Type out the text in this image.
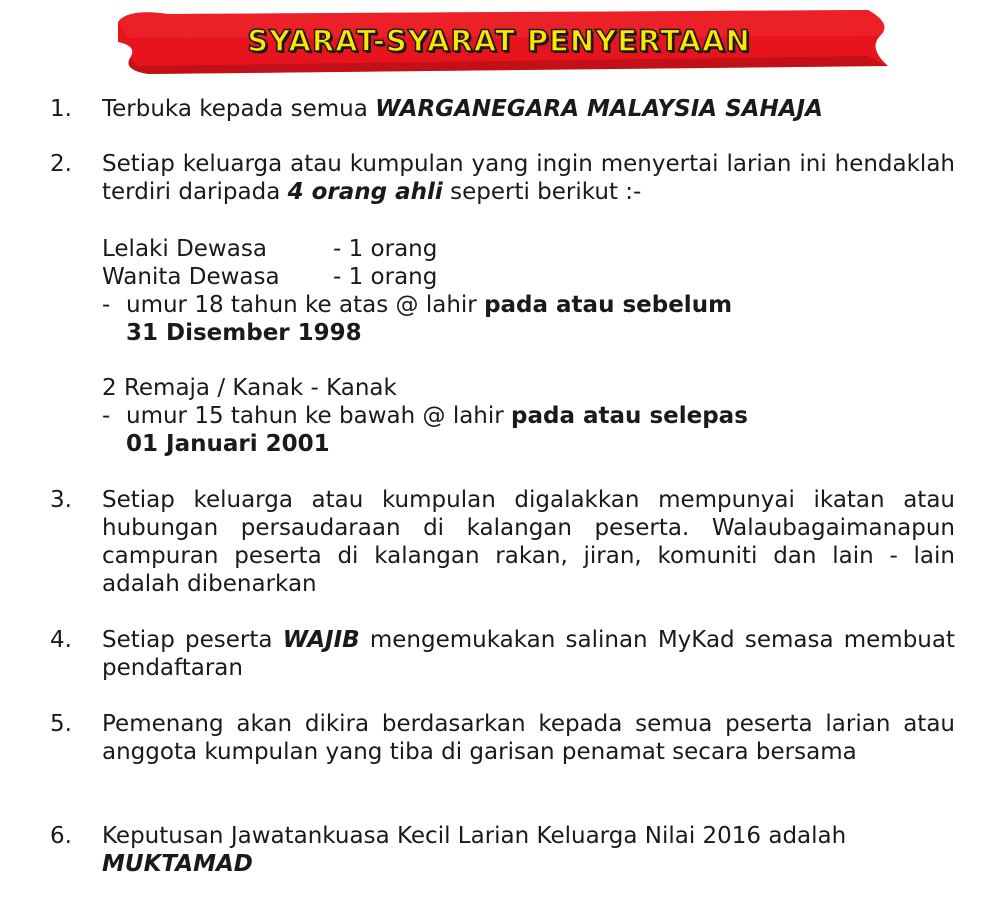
SYARAT-SYARAT PENYERTAAN
1.	Terbuka kepada semua WARGANEGARA MALAYSIA SAHAJA
2.	Setiap keluarga atau kumpulan yang ingin menyertai larian ini hendaklah terdiri daripada 4 orang ahli seperti berikut :-
Lelaki Dewasa	- 1 orang
Wanita Dewasa - 1 orang
- umur 18 tahun ke atas @ lahir pada atau sebelum
31 Disember 1998
2 Remaja / Kanak - Kanak
- umur 15 tahun ke bawah @ lahir pada atau selepas
01 Januari 2001
3.	Setiap keluarga atau kumpulan digalakkan mempunyai ikatan atau hubungan persaudaraan di kalangan peserta. Walaubagaimanapun campuran peserta di kalangan rakan, jiran, komuniti dan lain - lain adalah dibenarkan
4.	Setiap peserta WAJIB mengemukakan salinan MyKad semasa membuat pendaftaran
5.	Pemenang akan dikira berdasarkan kepada semua peserta larian atau anggota kumpulan yang tiba di garisan penamat secara bersama
6.	Keputusan Jawatankuasa Kecil Larian Keluarga Nilai 2016 adalah MUKTAMAD
